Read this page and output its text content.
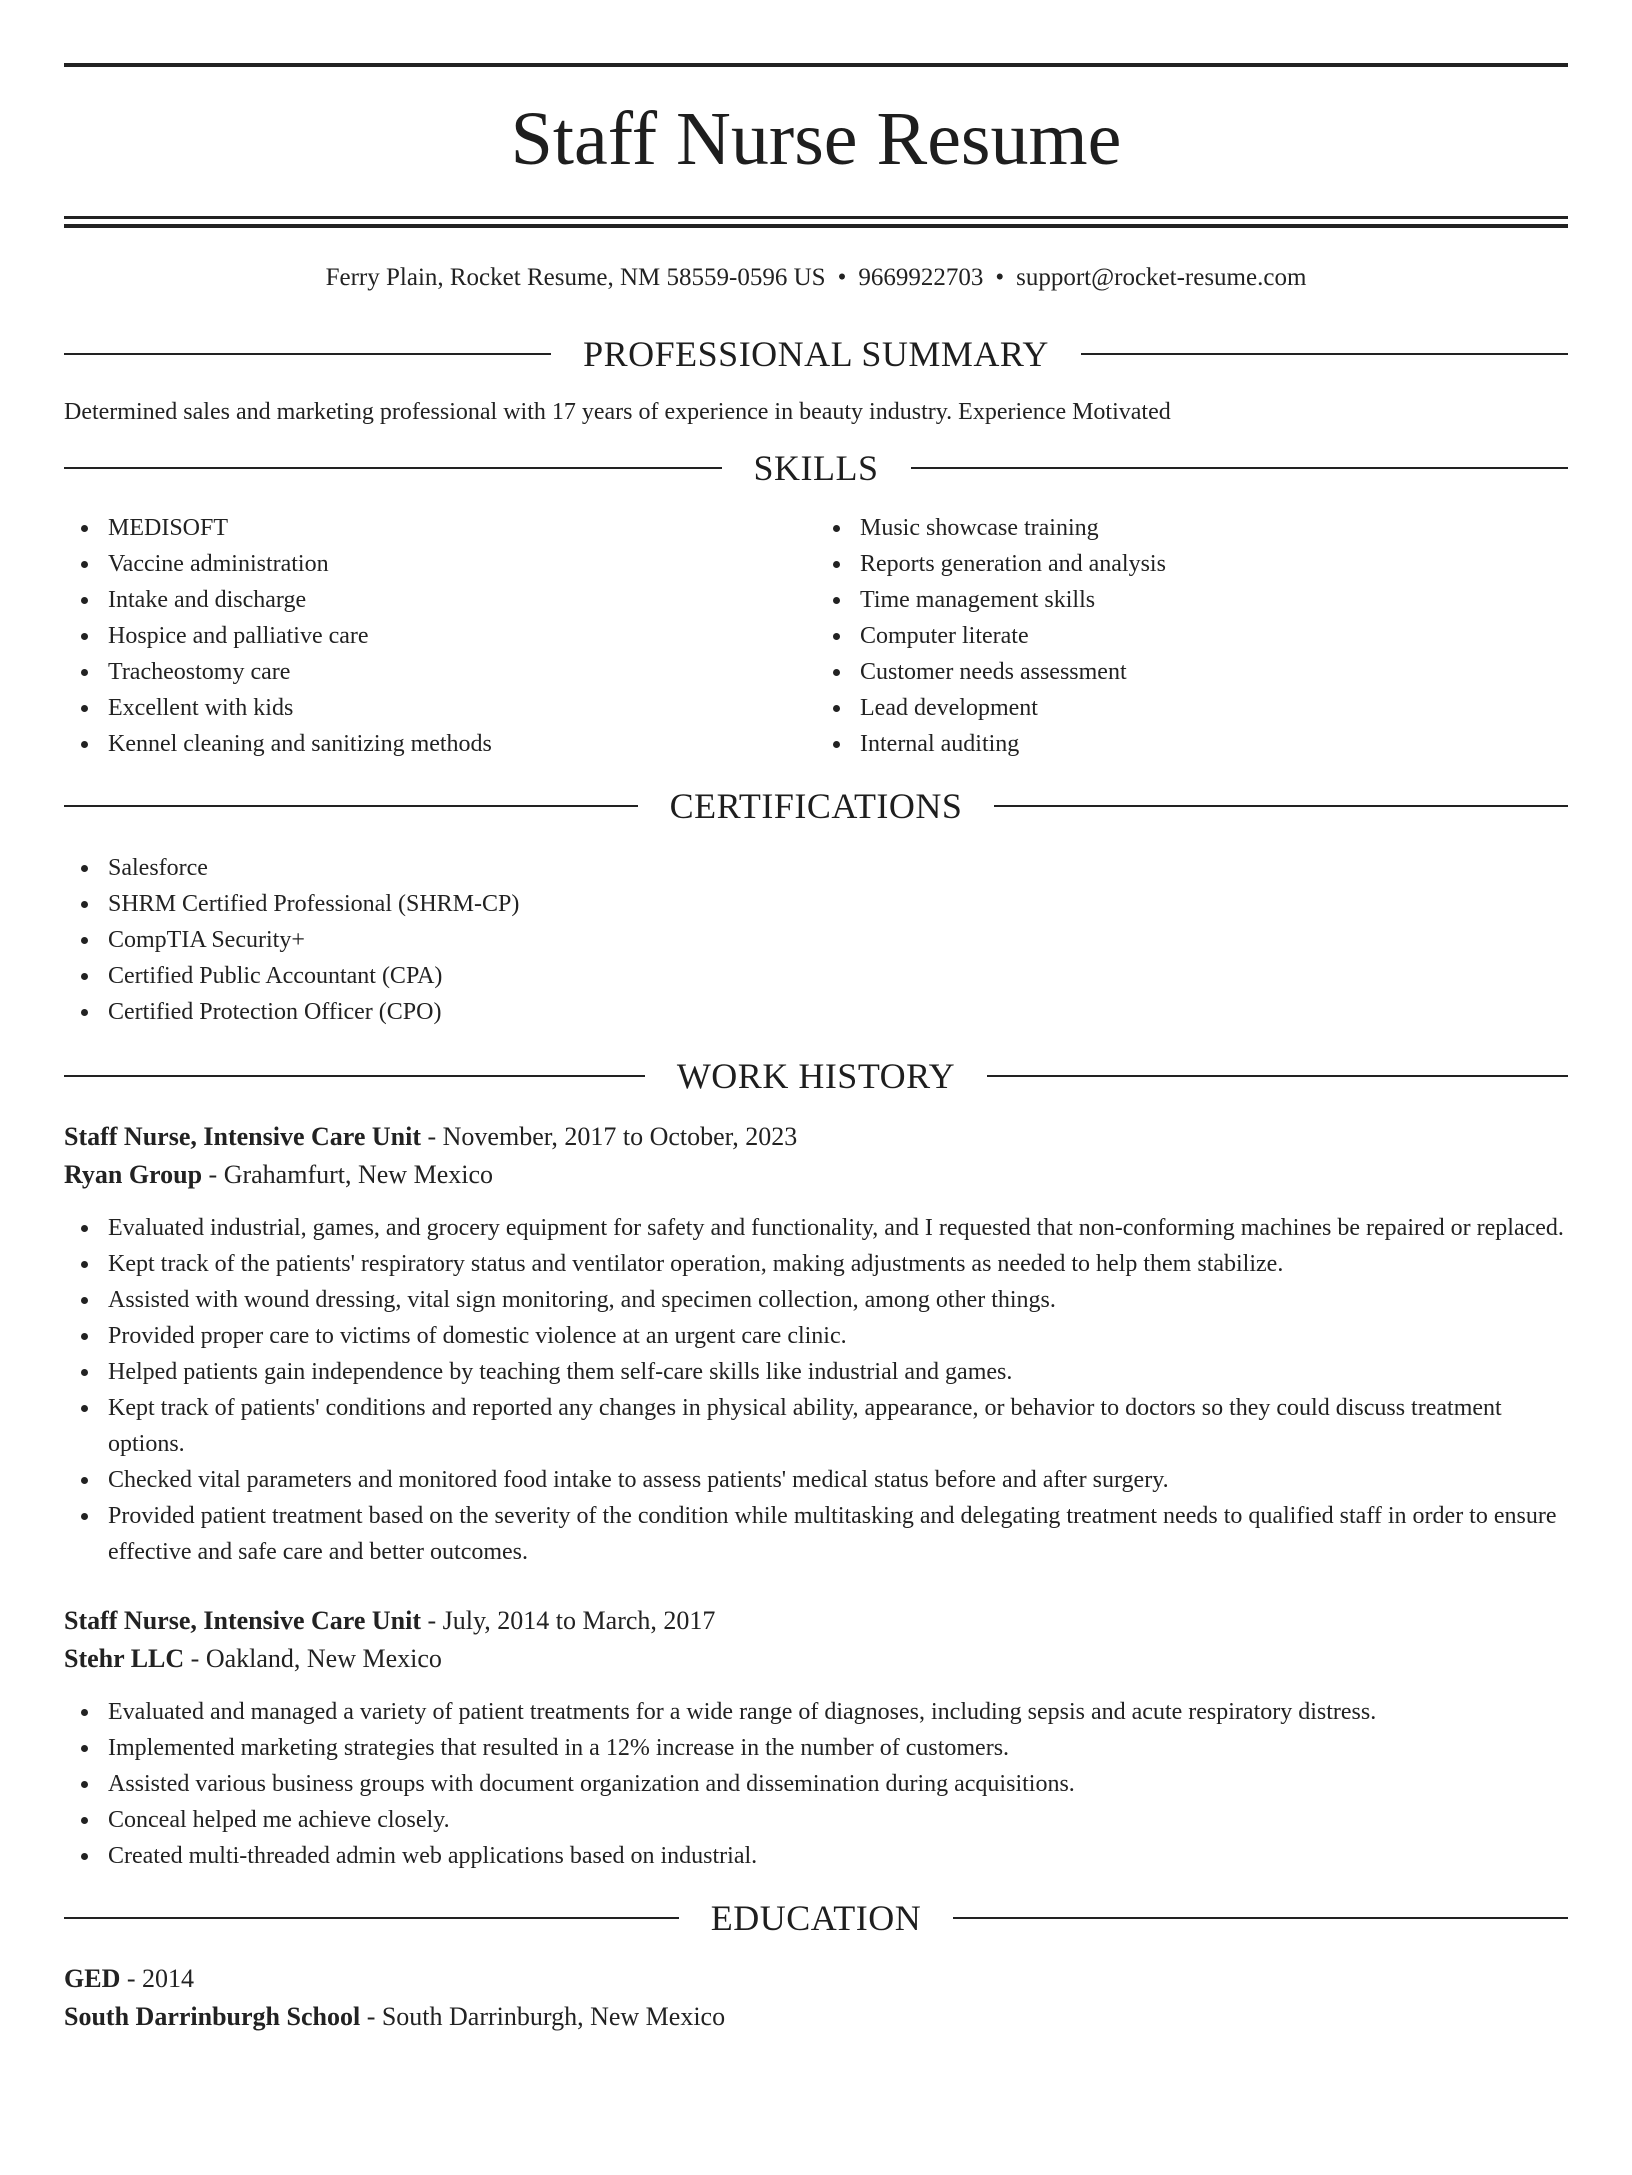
Staff Nurse Resume
Ferry Plain, Rocket Resume, NM 58559-0596 US • 9669922703 • support@rocket-resume.com
PROFESSIONAL SUMMARY
Determined sales and marketing professional with 17 years of experience in beauty industry. Experience Motivated
SKILLS
MEDISOFT
Vaccine administration
Intake and discharge
Hospice and palliative care
Tracheostomy care
Excellent with kids
Kennel cleaning and sanitizing methods
Music showcase training
Reports generation and analysis
Time management skills
Computer literate
Customer needs assessment
Lead development
Internal auditing
CERTIFICATIONS
Salesforce
SHRM Certified Professional (SHRM-CP)
CompTIA Security+
Certified Public Accountant (CPA)
Certified Protection Officer (CPO)
WORK HISTORY
Staff Nurse, Intensive Care Unit - November, 2017 to October, 2023
Ryan Group - Grahamfurt, New Mexico
Evaluated industrial, games, and grocery equipment for safety and functionality, and I requested that non-conforming machines be repaired or replaced.
Kept track of the patients' respiratory status and ventilator operation, making adjustments as needed to help them stabilize.
Assisted with wound dressing, vital sign monitoring, and specimen collection, among other things.
Provided proper care to victims of domestic violence at an urgent care clinic.
Helped patients gain independence by teaching them self-care skills like industrial and games.
Kept track of patients' conditions and reported any changes in physical ability, appearance, or behavior to doctors so they could discuss treatment options.
Checked vital parameters and monitored food intake to assess patients' medical status before and after surgery.
Provided patient treatment based on the severity of the condition while multitasking and delegating treatment needs to qualified staff in order to ensure effective and safe care and better outcomes.
Staff Nurse, Intensive Care Unit - July, 2014 to March, 2017
Stehr LLC - Oakland, New Mexico
Evaluated and managed a variety of patient treatments for a wide range of diagnoses, including sepsis and acute respiratory distress.
Implemented marketing strategies that resulted in a 12% increase in the number of customers.
Assisted various business groups with document organization and dissemination during acquisitions.
Conceal helped me achieve closely.
Created multi-threaded admin web applications based on industrial.
EDUCATION
GED - 2014
South Darrinburgh School - South Darrinburgh, New Mexico
